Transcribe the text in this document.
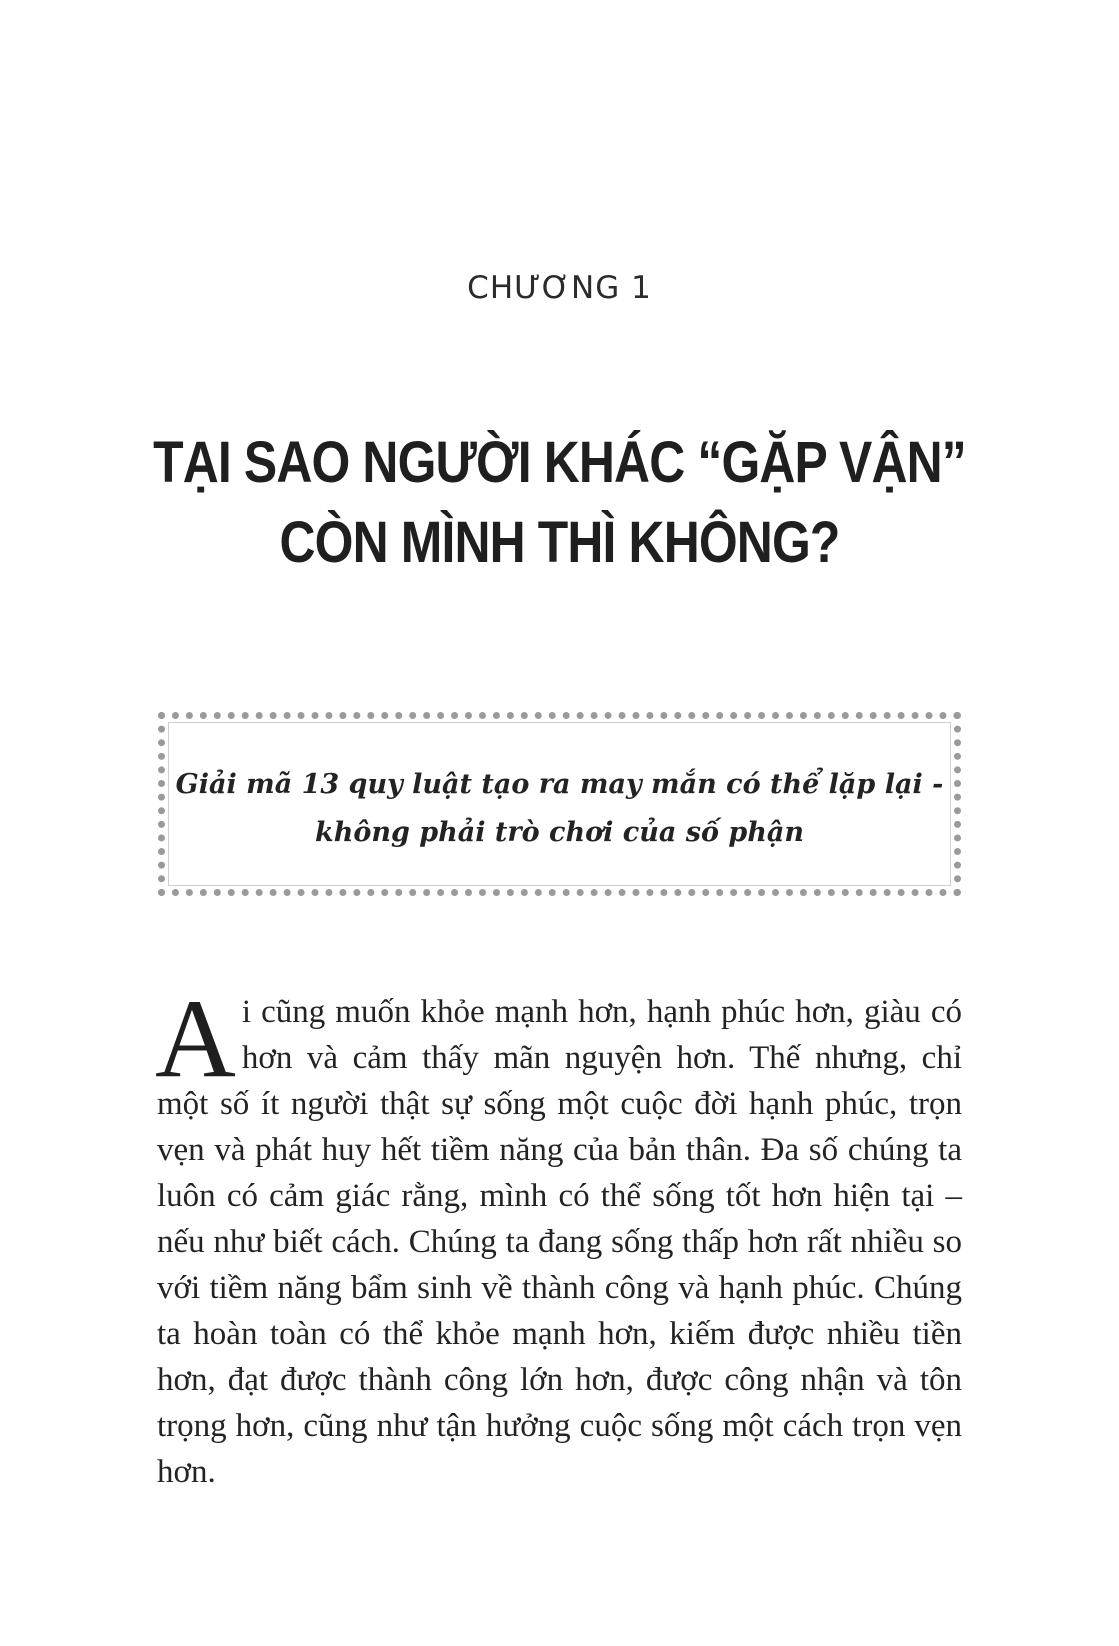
CHƯƠNG 1
TẠI SAO NGƯỜI KHÁC “GẶP VẬN”
CÒN MÌNH THÌ KHÔNG?
Giải mã 13 quy luật tạo ra may mắn có thể lặp lại -
không phải trò chơi của số phận
A i cũng muốn khỏe mạnh hơn, hạnh phúc hơn, giàu có hơn và cảm thấy mãn nguyện hơn. Thế nhưng, chỉ một số ít người thật sự sống một cuộc đời hạnh phúc, trọn vẹn và phát huy hết tiềm năng của bản thân. Đa số chúng ta luôn có cảm giác rằng, mình có thể sống tốt hơn hiện tại – nếu như biết cách. Chúng ta đang sống thấp hơn rất nhiều so với tiềm năng bẩm sinh về thành công và hạnh phúc. Chúng ta hoàn toàn có thể khỏe mạnh hơn, kiếm được nhiều tiền hơn, đạt được thành công lớn hơn, được công nhận và tôn trọng hơn, cũng như tận hưởng cuộc sống một cách trọn vẹn hơn.
